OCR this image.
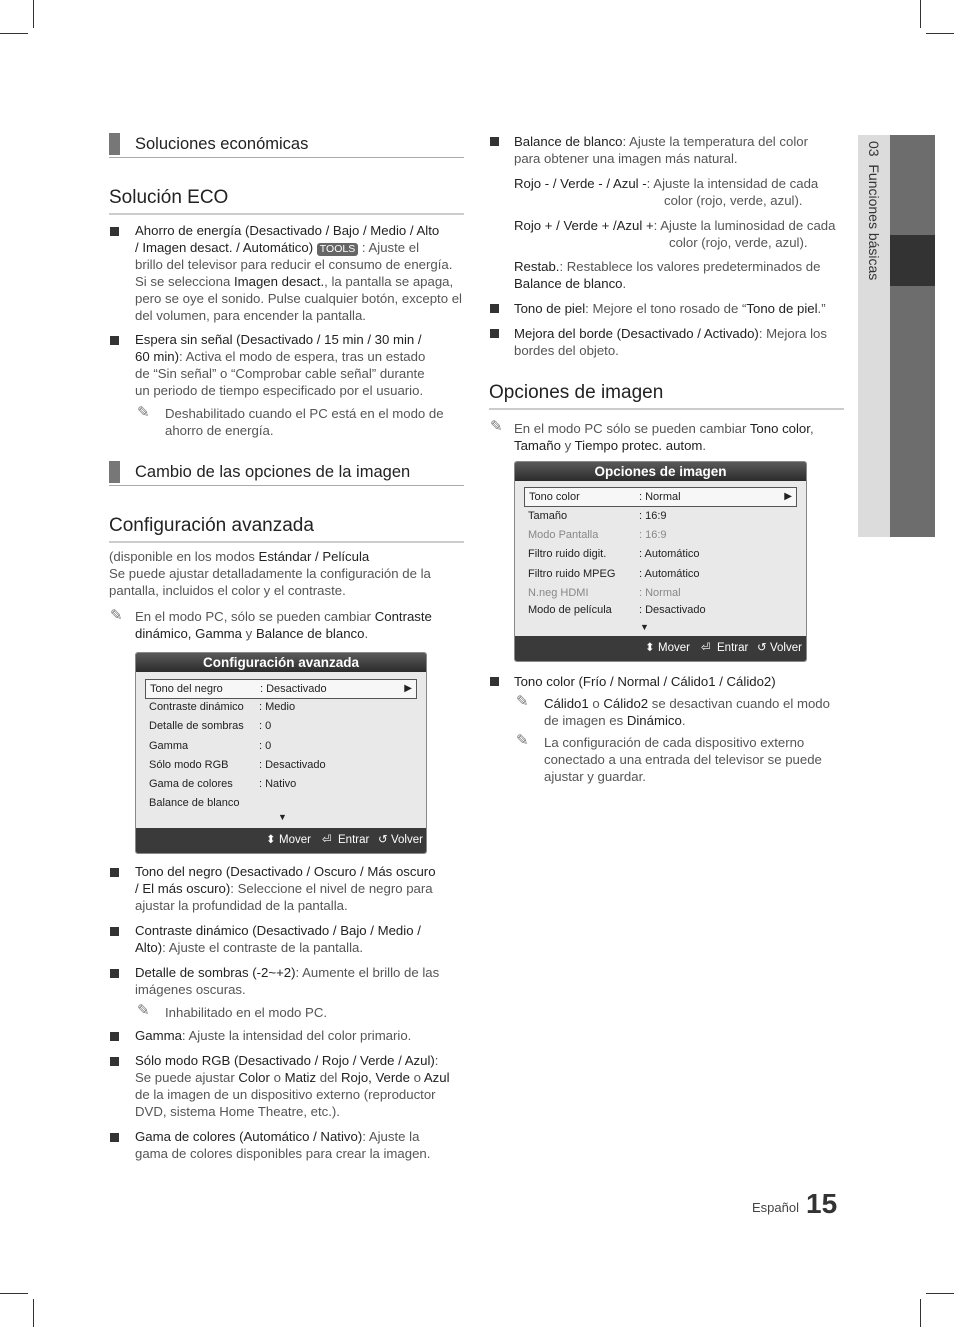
03  Funciones básicas
Soluciones económicas
Solución ECO
Ahorro de energía (Desactivado / Bajo / Medio / Alto
/ Imagen desact. / Automático) TOOLS : Ajuste el
brillo del televisor para reducir el consumo de energía.
Si se selecciona Imagen desact., la pantalla se apaga,
pero se oye el sonido. Pulse cualquier botón, excepto el
del volumen, para encender la pantalla.
Espera sin señal (Desactivado / 15 min / 30 min /
60 min): Activa el modo de espera, tras un estado
de “Sin señal” o “Comprobar cable señal” durante
un periodo de tiempo especificado por el usuario.
✎ Deshabilitado cuando el PC está en el modo de
ahorro de energía.
Cambio de las opciones de la imagen
Configuración avanzada
(disponible en los modos Estándar / Película
Se puede ajustar detalladamente la configuración de la
pantalla, incluidos el color y el contraste.
✎ En el modo PC, sólo se pueden cambiar Contraste
dinámico, Gamma y Balance de blanco.
Configuración avanzada
Tono del negro	: Desactivado	▶
Contraste dinámico : Medio
Detalle de sombras : 0
Gamma	: 0
Sólo modo RGB	: Desactivado
Gama de colores : Nativo
Balance de blanco
▼
⬍ Mover ⏎ Entrar ↺ Volver
Tono del negro (Desactivado / Oscuro / Más oscuro
/ El más oscuro): Seleccione el nivel de negro para
ajustar la profundidad de la pantalla.
Contraste dinámico (Desactivado / Bajo / Medio /
Alto): Ajuste el contraste de la pantalla.
Detalle de sombras (-2~+2): Aumente el brillo de las
imágenes oscuras.
✎ Inhabilitado en el modo PC.
Gamma: Ajuste la intensidad del color primario.
Sólo modo RGB (Desactivado / Rojo / Verde / Azul):
Se puede ajustar Color o Matiz del Rojo, Verde o Azul
de la imagen de un dispositivo externo (reproductor
DVD, sistema Home Theatre, etc.).
Gama de colores (Automático / Nativo): Ajuste la
gama de colores disponibles para crear la imagen.
Balance de blanco: Ajuste la temperatura del color
para obtener una imagen más natural.
Rojo - / Verde - / Azul -: Ajuste la intensidad de cada
color (rojo, verde, azul).
Rojo + / Verde + /Azul +: Ajuste la luminosidad de cada
color (rojo, verde, azul).
Restab.: Restablece los valores predeterminados de
Balance de blanco.
Tono de piel: Mejore el tono rosado de “Tono de piel.”
Mejora del borde (Desactivado / Activado): Mejora los
bordes del objeto.
Opciones de imagen
✎ En el modo PC sólo se pueden cambiar Tono color,
Tamaño y Tiempo protec. autom.
Opciones de imagen
Tono color	: Normal	▶
Tamaño	: 16:9
Modo Pantalla	: 16:9
Filtro ruido digit.	: Automático
Filtro ruido MPEG : Automático
N.neg HDMI	: Normal
Modo de película : Desactivado
▼
⬍ Mover ⏎ Entrar ↺ Volver
Tono color (Frío / Normal / Cálido1 / Cálido2)
✎ Cálido1 o Cálido2 se desactivan cuando el modo
de imagen es Dinámico.
✎ La configuración de cada dispositivo externo
conectado a una entrada del televisor se puede
ajustar y guardar.
Español 15
